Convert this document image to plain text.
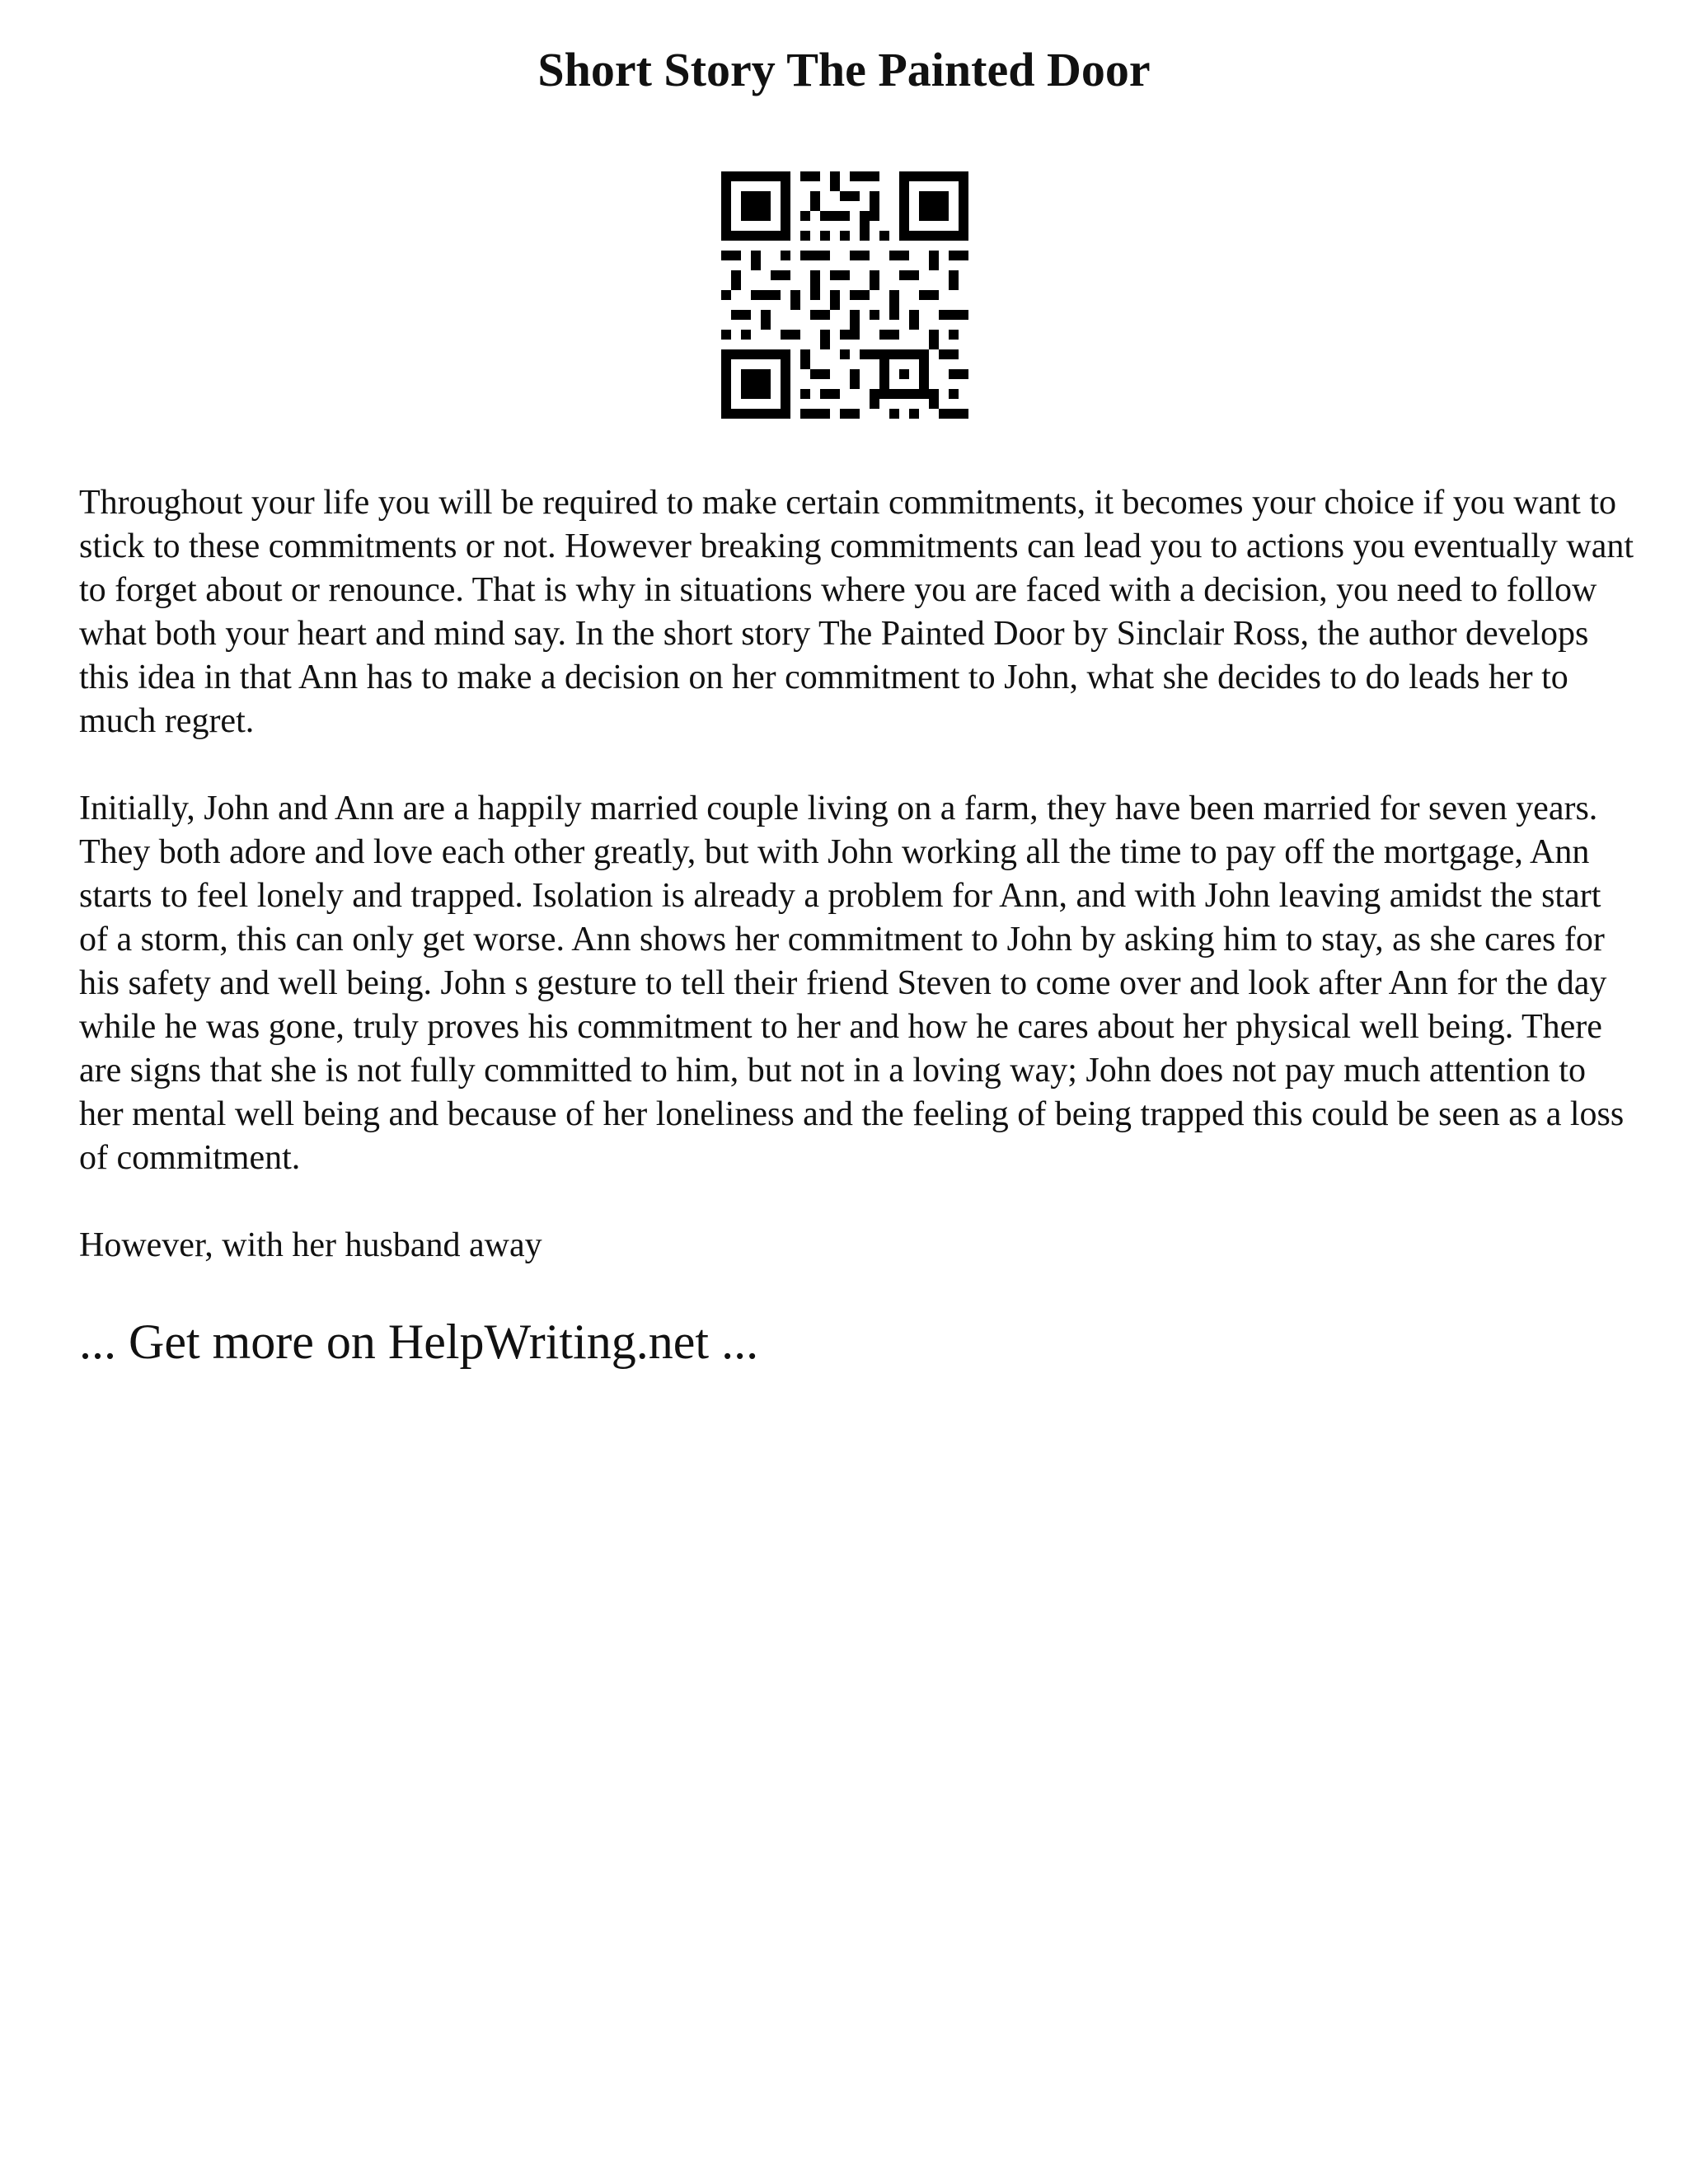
Short Story The Painted Door

Throughout your life you will be required to make certain commitments, it becomes your choice if you want to stick to these commitments or not. However breaking commitments can lead you to actions you eventually want to forget about or renounce. That is why in situations where you are faced with a decision, you need to follow what both your heart and mind say. In the short story The Painted Door by Sinclair Ross, the author develops this idea in that Ann has to make a decision on her commitment to John, what she decides to do leads her to much regret.

Initially, John and Ann are a happily married couple living on a farm, they have been married for seven years. They both adore and love each other greatly, but with John working all the time to pay off the mortgage, Ann starts to feel lonely and trapped. Isolation is already a problem for Ann, and with John leaving amidst the start of a storm, this can only get worse. Ann shows her commitment to John by asking him to stay, as she cares for his safety and well being. John s gesture to tell their friend Steven to come over and look after Ann for the day while he was gone, truly proves his commitment to her and how he cares about her physical well being. There are signs that she is not fully committed to him, but not in a loving way; John does not pay much attention to her mental well being and because of her loneliness and the feeling of being trapped this could be seen as a loss of commitment.

However, with her husband away

... Get more on HelpWriting.net ...
